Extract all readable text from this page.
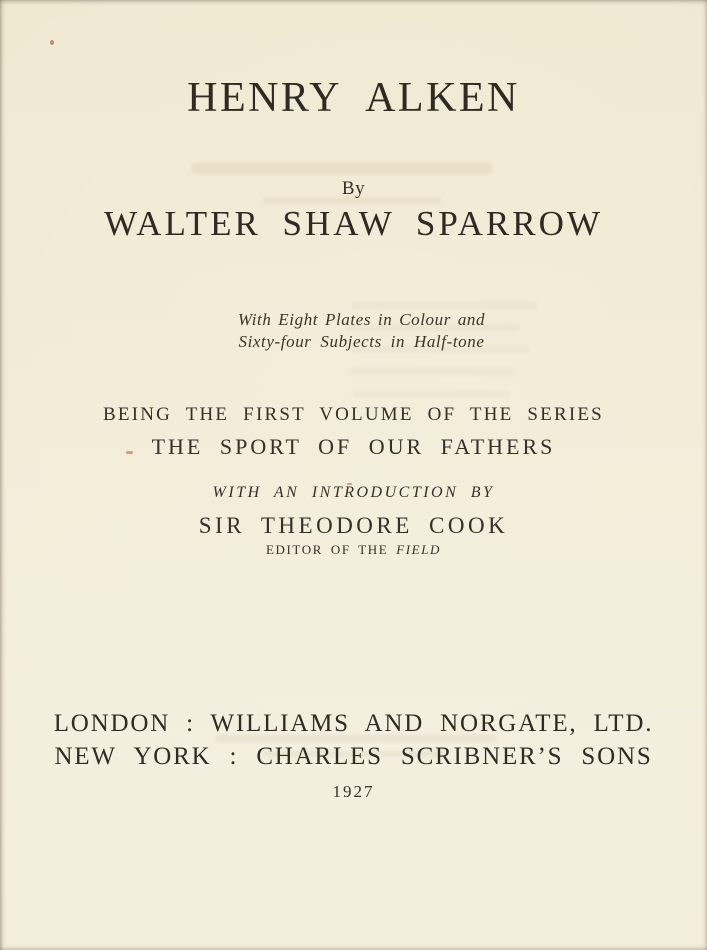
HENRY ALKEN
By
WALTER SHAW SPARROW
With Eight Plates in Colour and
Sixty-four Subjects in Half-tone
BEING THE FIRST VOLUME OF THE SERIES
THE SPORT OF OUR FATHERS
WITH AN INTRODUCTION BY
SIR THEODORE COOK
EDITOR OF THE FIELD
LONDON : WILLIAMS AND NORGATE, LTD.
NEW YORK : CHARLES SCRIBNER’S SONS
1927
